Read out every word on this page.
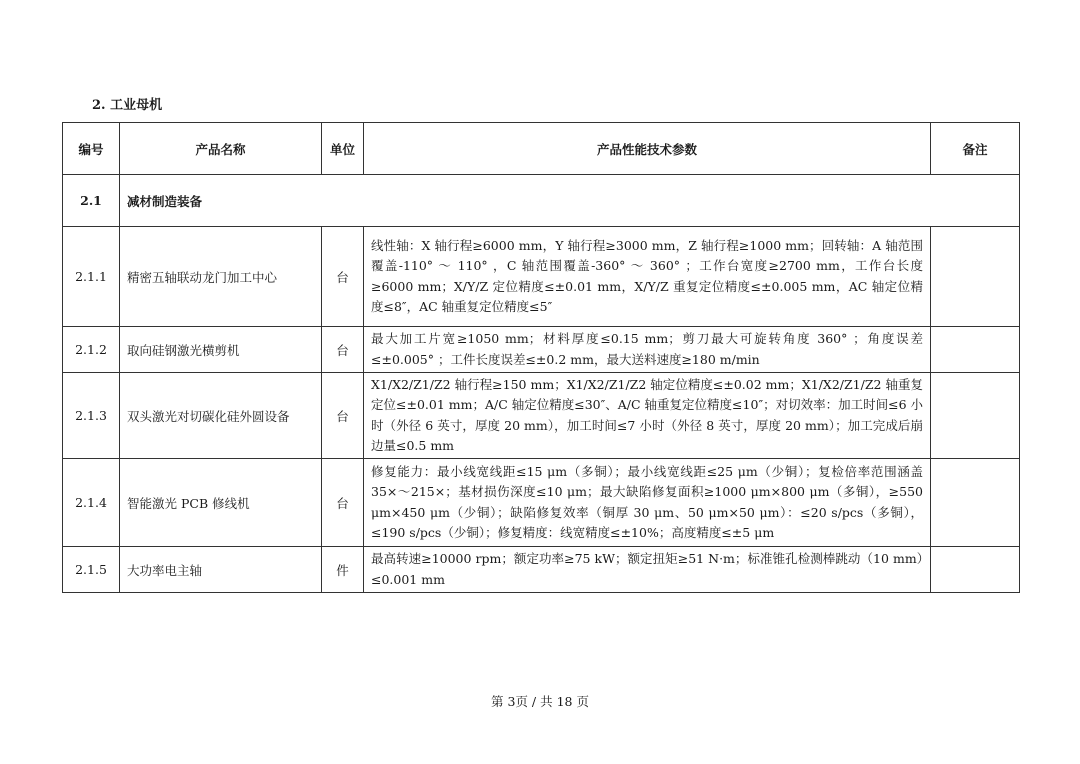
2. 工业母机
编号	产品名称	单位	产品性能技术参数	备注
2.1	减材制造装备			
2.1.1	精密五轴联动龙门加工中心	台	线性轴：X 轴行程≥6000 mm，Y 轴行程≥3000 mm，Z 轴行程≥1000 mm；回转轴：A 轴范围覆盖-110° ～ 110° ，C 轴范围覆盖-360° ～ 360° ；工作台宽度≥2700 mm，工作台长度≥6000 mm；X/Y/Z 定位精度≤±0.01 mm，X/Y/Z 重复定位精度≤±0.005 mm，AC 轴定位精度≤8″，AC 轴重复定位精度≤5″	
2.1.2	取向硅钢激光横剪机	台	最大加工片宽≥1050 mm；材料厚度≤0.15 mm；剪刀最大可旋转角度 360° ；角度误差≤±0.005° ；工件长度误差≤±0.2 mm，最大送料速度≥180 m/min	
2.1.3	双头激光对切碳化硅外圆设备	台	X1/X2/Z1/Z2 轴行程≥150 mm；X1/X2/Z1/Z2 轴定位精度≤±0.02 mm；X1/X2/Z1/Z2 轴重复定位≤±0.01 mm；A/C 轴定位精度≤30″、A/C 轴重复定位精度≤10″；对切效率：加工时间≤6 小时（外径 6 英寸，厚度 20 mm），加工时间≤7 小时（外径 8 英寸，厚度 20 mm）；加工完成后崩边量≤0.5 mm	
2.1.4	智能激光 PCB 修线机	台	修复能力：最小线宽线距≤15 μm（多铜）；最小线宽线距≤25 μm（少铜）；复检倍率范围涵盖 35×～215×；基材损伤深度≤10 μm；最大缺陷修复面积≥1000 μm×800 μm（多铜），≥550 μm×450 μm（少铜）；缺陷修复效率（铜厚 30 μm、50 μm×50 μm）：≤20 s/pcs（多铜），≤190 s/pcs（少铜）；修复精度：线宽精度≤±10%；高度精度≤±5 μm	
2.1.5	大功率电主轴	件	最高转速≥10000 rpm；额定功率≥75 kW；额定扭矩≥51 N·m；标准锥孔检测棒跳动（10 mm）≤0.001 mm	
第 3页 / 共 18 页
